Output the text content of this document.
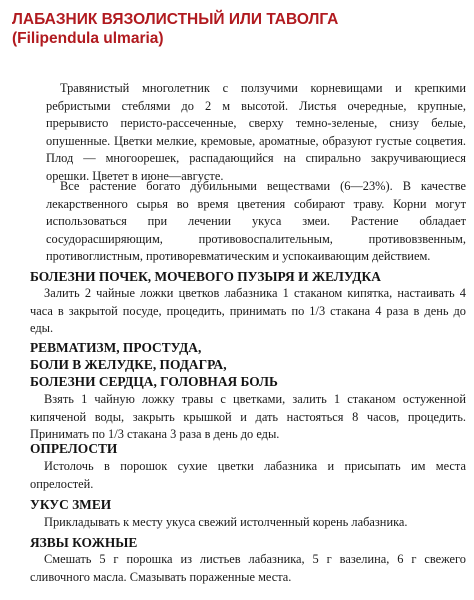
ЛАБАЗНИК ВЯЗОЛИСТНЫЙ ИЛИ ТАВОЛГА
(Filipendula ulmaria)

Травянистый многолетник с ползучими корневищами и крепкими ребристыми стеблями до 2 м высотой. Листья очередные, крупные, прерывисто перисто-рассеченные, сверху темно-зеленые, снизу белые, опушенные. Цветки мелкие, кремовые, ароматные, образуют густые соцветия. Плод — многоорешек, распадающийся на спирально закручивающиеся орешки. Цветет в июне—августе.

Все растение богато дубильными веществами (6—23%). В качестве лекарственного сырья во время цветения собирают траву. Корни могут использоваться при лечении укуса змеи. Растение обладает сосудорасширяющим, противовоспалительным, противовзвенным, противоглистным, противоревматическим и успокаивающим действием.

БОЛЕЗНИ ПОЧЕК, МОЧЕВОГО ПУЗЫРЯ И ЖЕЛУДКА

Залить 2 чайные ложки цветков лабазника 1 стаканом кипятка, настаивать 4 часа в закрытой посуде, процедить, принимать по 1/3 стакана 4 раза в день до еды.

РЕВМАТИЗМ, ПРОСТУДА,
БОЛИ В ЖЕЛУДКЕ, ПОДАГРА,
БОЛЕЗНИ СЕРДЦА, ГОЛОВНАЯ БОЛЬ

Взять 1 чайную ложку травы с цветками, залить 1 стаканом остуженной кипяченой воды, закрыть крышкой и дать настояться 8 часов, процедить. Принимать по 1/3 стакана 3 раза в день до еды.

ОПРЕЛОСТИ

Истолочь в порошок сухие цветки лабазника и присыпать им места опрелостей.

УКУС ЗМЕИ

Прикладывать к месту укуса свежий истолченный корень лабазника.

ЯЗВЫ КОЖНЫЕ

Смешать 5 г порошка из листьев лабазника, 5 г вазелина, 6 г свежего сливочного масла. Смазывать пораженные места.
